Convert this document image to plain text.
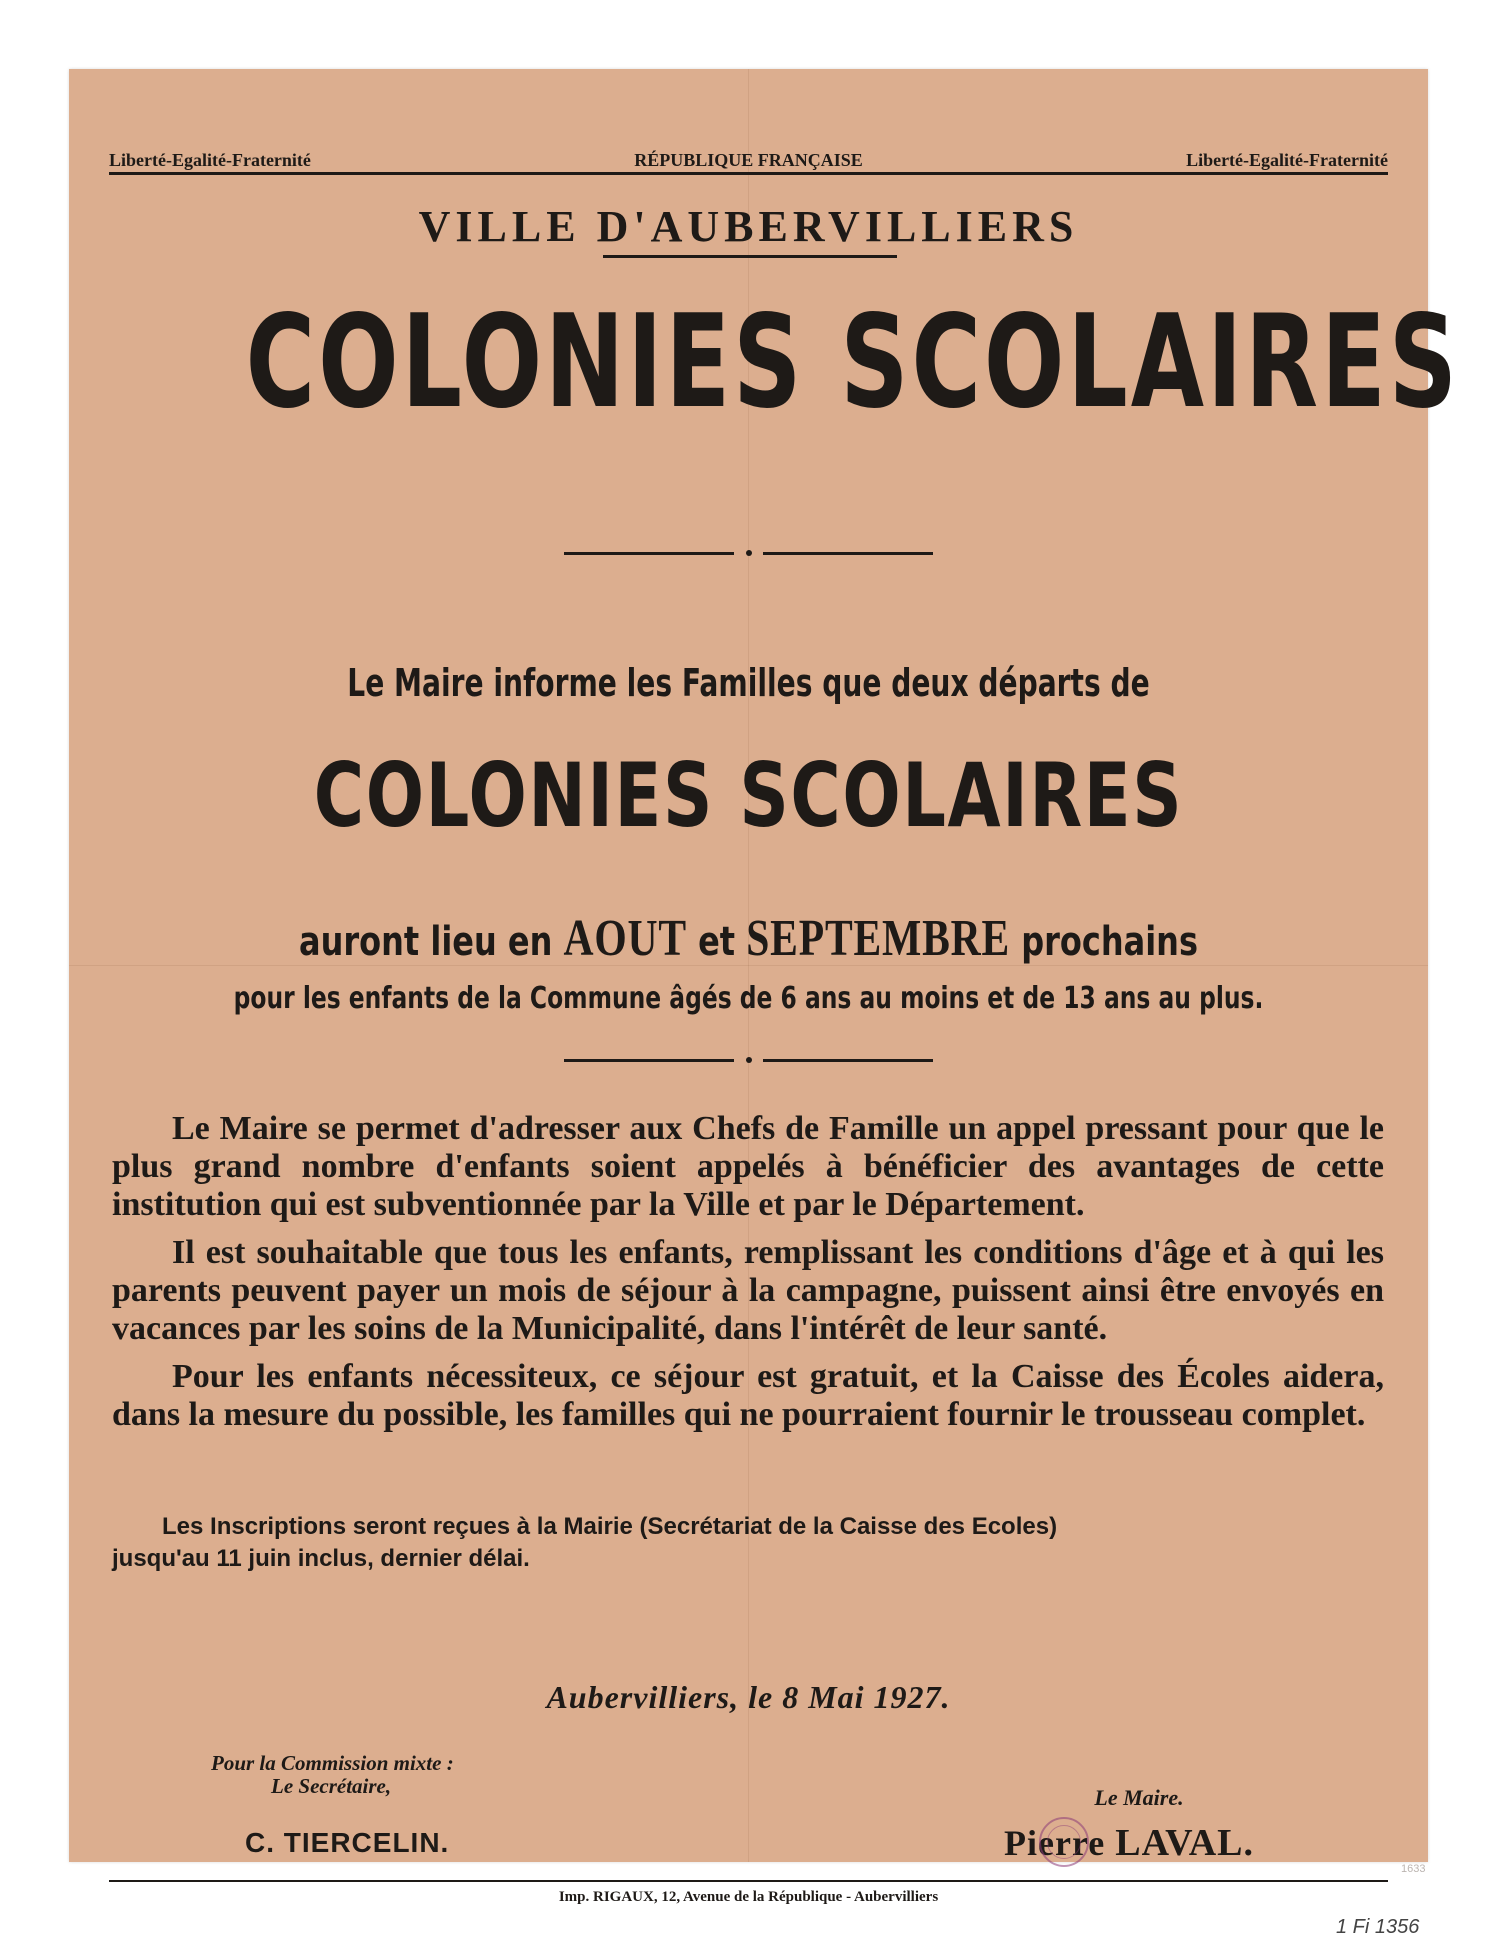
Liberté-Egalité-Fraternité	RÉPUBLIQUE FRANÇAISE	Liberté-Egalité-Fraternité
VILLE D'AUBERVILLIERS
COLONIES SCOLAIRES
Le Maire informe les Familles que deux départs de
COLONIES SCOLAIRES
auront lieu en AOUT et SEPTEMBRE prochains
pour les enfants de la Commune âgés de 6 ans au moins et de 13 ans au plus.

Le Maire se permet d'adresser aux Chefs de Famille un appel pressant pour que le plus grand nombre d'enfants soient appelés à bénéficier des avantages de cette institution qui est subventionnée par la Ville et par le Département.

Il est souhaitable que tous les enfants, remplissant les conditions d'âge et à qui les parents peuvent payer un mois de séjour à la campagne, puissent ainsi être envoyés en vacances par les soins de la Municipalité, dans l'intérêt de leur santé.

Pour les enfants nécessiteux, ce séjour est gratuit, et la Caisse des Écoles aidera, dans la mesure du possible, les familles qui ne pourraient fournir le trousseau complet.

Les Inscriptions seront reçues à la Mairie (Secrétariat de la Caisse des Ecoles)
jusqu'au 11 juin inclus, dernier délai.
Aubervilliers, le 8 Mai 1927.
Pour la Commission mixte :
Le Secrétaire,
C. TIERCELIN.
Le Maire.
Pierre LAVAL.
Imp. RIGAUX, 12, Avenue de la République - Aubervilliers
1633
1 Fi 1356
